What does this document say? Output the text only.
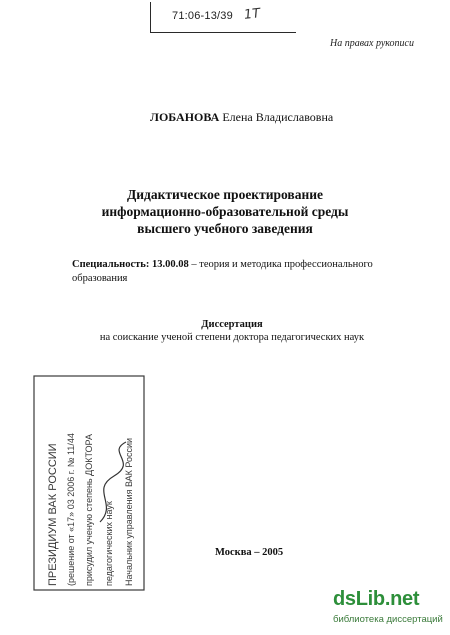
71:06-13/39 1Т
На правах рукописи
ЛОБАНОВА Елена Владиславовна
Дидактическое проектирование
информационно-образовательной среды
высшего учебного заведения
Специальность: 13.00.08 – теория и методика профессионального
образования
Диссертация
на соискание ученой степени доктора педагогических наук
ПРЕЗИДИУМ ВАК РОССИИ (решение от «17» 03 2006 г. № 11/44 присудил ученую степень ДОКТОРА педагогических наук Начальник управления ВАК России	Москва – 2005
dsLib.net
библиотека диссертаций
